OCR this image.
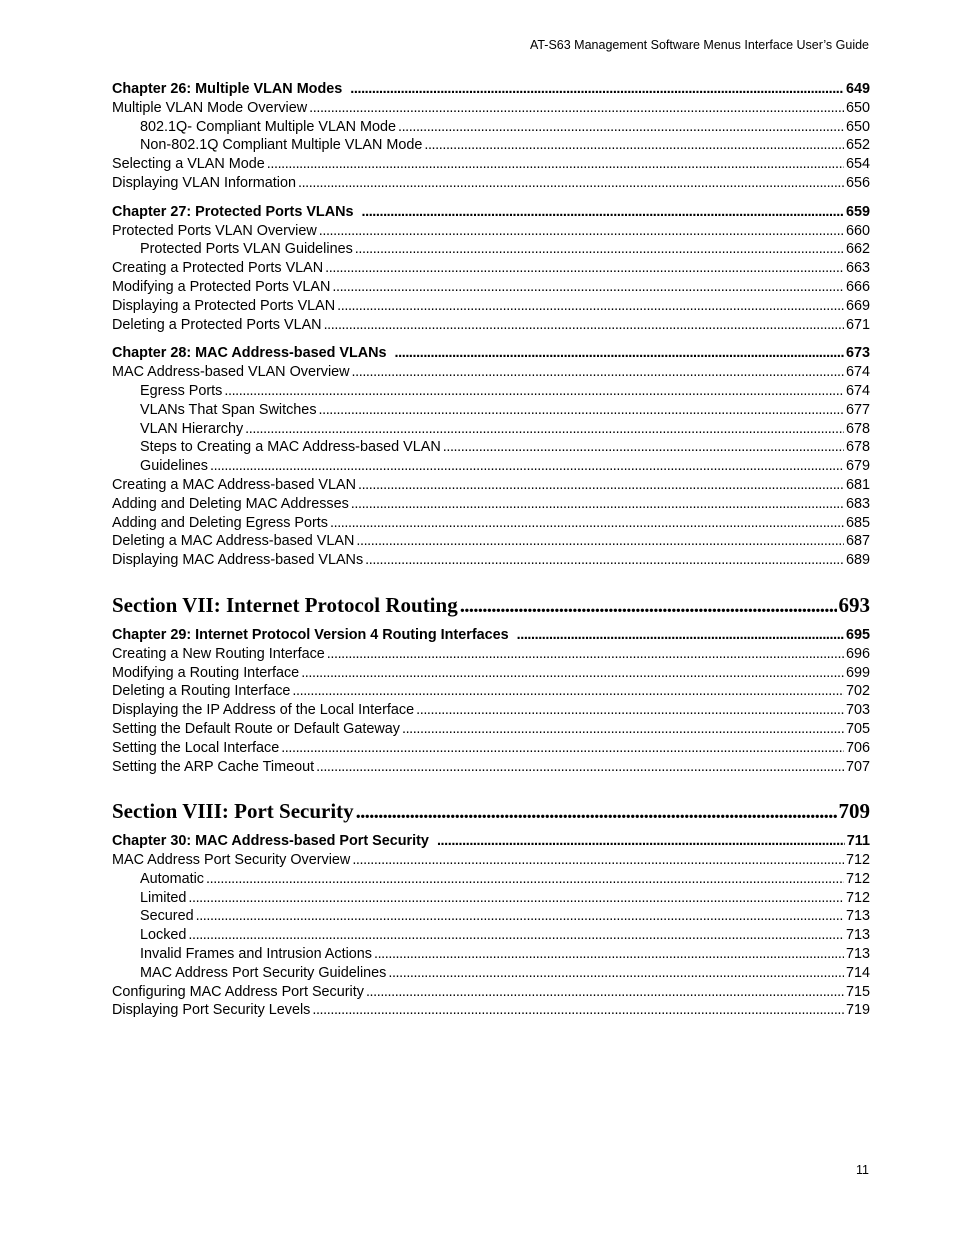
AT-S63 Management Software Menus Interface User’s Guide
Chapter 26: Multiple VLAN Modes . . .	649
Multiple VLAN Mode Overview . . .	650
802.1Q- Compliant Multiple VLAN Mode . . .	650
Non-802.1Q Compliant Multiple VLAN Mode . . .	652
Selecting a VLAN Mode . . .	654
Displaying VLAN Information . . .	656
Chapter 27: Protected Ports VLANs . . .	659
Protected Ports VLAN Overview . . .	660
Protected Ports VLAN Guidelines . . .	662
Creating a Protected Ports VLAN . . .	663
Modifying a Protected Ports VLAN . . .	666
Displaying a Protected Ports VLAN . . .	669
Deleting a Protected Ports VLAN . . .	671
Chapter 28: MAC Address-based VLANs . . .	673
MAC Address-based VLAN Overview . . .	674
Egress Ports . . .	674
VLANs That Span Switches . . .	677
VLAN Hierarchy . . .	678
Steps to Creating a MAC Address-based VLAN . . .	678
Guidelines . . .	679
Creating a MAC Address-based VLAN . . .	681
Adding and Deleting MAC Addresses . . .	683
Adding and Deleting Egress Ports . . .	685
Deleting a MAC Address-based VLAN . . .	687
Displaying MAC Address-based VLANs . . .	689
Section VII: Internet Protocol Routing . . .	693
Chapter 29: Internet Protocol Version 4 Routing Interfaces . . .	695
Creating a New Routing Interface . . .	696
Modifying a Routing Interface . . .	699
Deleting a Routing Interface . . .	702
Displaying the IP Address of the Local Interface . . .	703
Setting the Default Route or Default Gateway . . .	705
Setting the Local Interface . . .	706
Setting the ARP Cache Timeout . . .	707
Section VIII: Port Security . . .	709
Chapter 30: MAC Address-based Port Security . . .	711
MAC Address Port Security Overview . . .	712
Automatic . . .	712
Limited . . .	712
Secured . . .	713
Locked . . .	713
Invalid Frames and Intrusion Actions . . .	713
MAC Address Port Security Guidelines . . .	714
Configuring MAC Address Port Security . . .	715
Displaying Port Security Levels . . .	719
11
